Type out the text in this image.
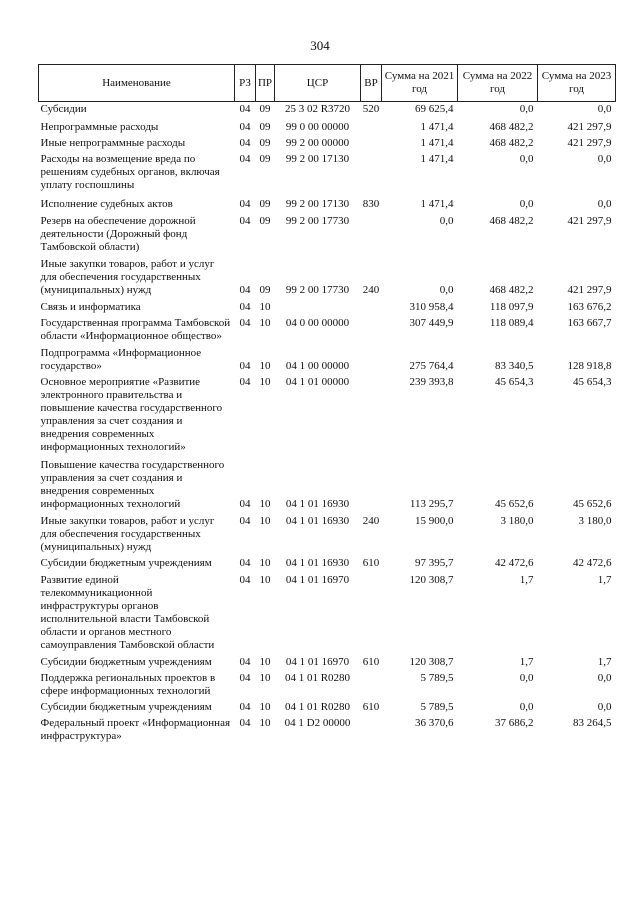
304
Наименование	РЗ	ПР	ЦСР	ВР	Сумма на 2021 год	Сумма на 2022 год	Сумма на 2023 год
Субсидии	04	09	25 3 02 R3720	520	69 625,4	0,0	0,0
Непрограммные расходы	04	09	99 0 00 00000		1 471,4	468 482,2	421 297,9
Иные непрограммные расходы	04	09	99 2 00 00000		1 471,4	468 482,2	421 297,9
Расходы на возмещение вреда по решениям судебных органов, включая уплату госпошлины	04	09	99 2 00 17130		1 471,4	0,0	0,0
Исполнение судебных актов	04	09	99 2 00 17130	830	1 471,4	0,0	0,0
Резерв на обеспечение дорожной деятельности (Дорожный фонд Тамбовской области)	04	09	99 2 00 17730		0,0	468 482,2	421 297,9
Иные закупки товаров, работ и услуг для обеспечения государственных (муниципальных) нужд	04	09	99 2 00 17730	240	0,0	468 482,2	421 297,9
Связь и информатика	04	10			310 958,4	118 097,9	163 676,2
Государственная программа Тамбовской области «Информационное общество»	04	10	04 0 00 00000		307 449,9	118 089,4	163 667,7
Подпрограмма «Информационное государство»	04	10	04 1 00 00000		275 764,4	83 340,5	128 918,8
Основное мероприятие «Развитие электронного правительства и повышение качества государственного управления за счет создания и внедрения современных информационных технологий»	04	10	04 1 01 00000		239 393,8	45 654,3	45 654,3
Повышение качества государственного управления за счет создания и внедрения современных информационных технологий	04	10	04 1 01 16930		113 295,7	45 652,6	45 652,6
Иные закупки товаров, работ и услуг для обеспечения государственных (муниципальных) нужд	04	10	04 1 01 16930	240	15 900,0	3 180,0	3 180,0
Субсидии бюджетным учреждениям	04	10	04 1 01 16930	610	97 395,7	42 472,6	42 472,6
Развитие единой телекоммуникационной инфраструктуры органов исполнительной власти Тамбовской области и органов местного самоуправления Тамбовской области	04	10	04 1 01 16970		120 308,7	1,7	1,7
Субсидии бюджетным учреждениям	04	10	04 1 01 16970	610	120 308,7	1,7	1,7
Поддержка региональных проектов в сфере информационных технологий	04	10	04 1 01 R0280		5 789,5	0,0	0,0
Субсидии бюджетным учреждениям	04	10	04 1 01 R0280	610	5 789,5	0,0	0,0
Федеральный проект «Информационная инфраструктура»	04	10	04 1 D2 00000		36 370,6	37 686,2	83 264,5
